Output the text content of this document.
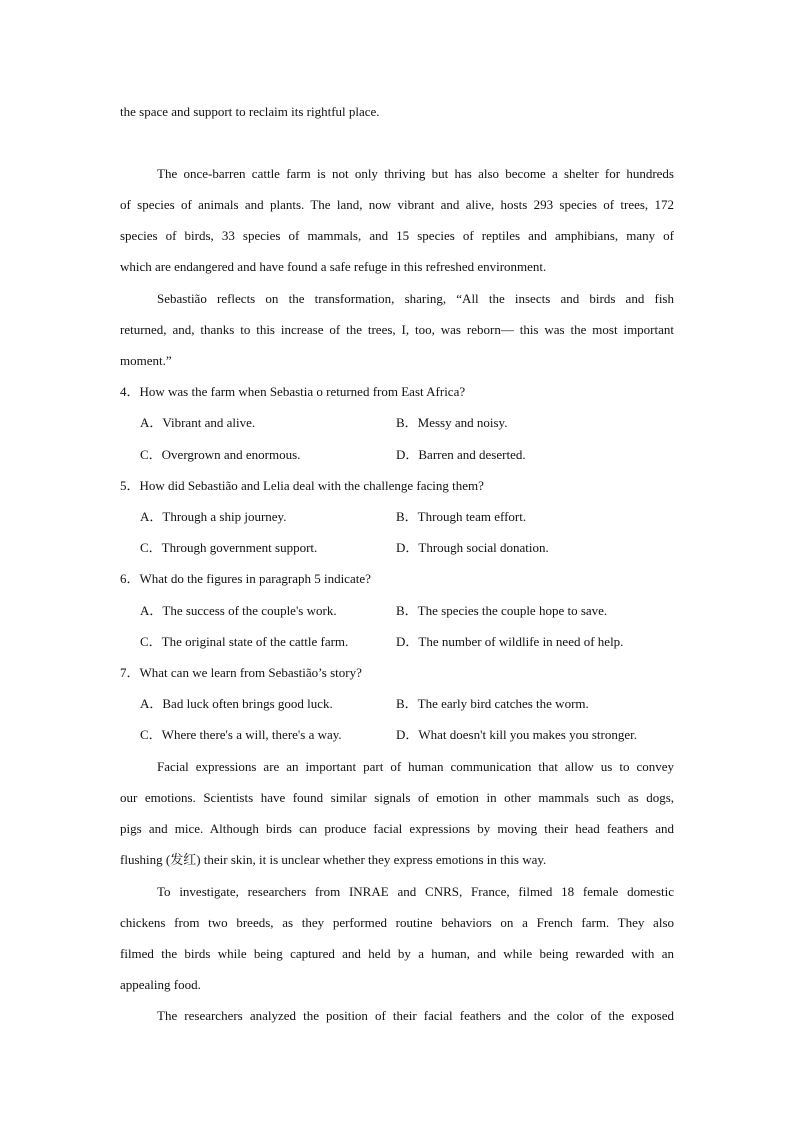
the space and support to reclaim its rightful place.
The once-barren cattle farm is not only thriving but has also become a shelter for hundreds
of species of animals and plants. The land, now vibrant and alive, hosts 293 species of trees, 172
species of birds, 33 species of mammals, and 15 species of reptiles and amphibians, many of
which are endangered and have found a safe refuge in this refreshed environment.
Sebastião reflects on the transformation, sharing, “All the insects and birds and fish
returned, and, thanks to this increase of the trees, I, too, was reborn— this was the most important
moment.”
4．How was the farm when Sebastia o returned from East Africa?
A．Vibrant and alive.	B．Messy and noisy.
C．Overgrown and enormous.	D．Barren and deserted.
5．How did Sebastião and Lelia deal with the challenge facing them?
A．Through a ship journey.	B．Through team effort.
C．Through government support.	D．Through social donation.
6．What do the figures in paragraph 5 indicate?
A．The success of the couple's work.	B．The species the couple hope to save.
C．The original state of the cattle farm.	D．The number of wildlife in need of help.
7．What can we learn from Sebastião’s story?
A．Bad luck often brings good luck.	B．The early bird catches the worm.
C．Where there's a will, there's a way.	D．What doesn't kill you makes you stronger.
Facial expressions are an important part of human communication that allow us to convey
our emotions. Scientists have found similar signals of emotion in other mammals such as dogs,
pigs and mice. Although birds can produce facial expressions by moving their head feathers and
flushing (发红) their skin, it is unclear whether they express emotions in this way.
To investigate, researchers from INRAE and CNRS, France, filmed 18 female domestic
chickens from two breeds, as they performed routine behaviors on a French farm. They also
filmed the birds while being captured and held by a human, and while being rewarded with an
appealing food.
The researchers analyzed the position of their facial feathers and the color of the exposed
